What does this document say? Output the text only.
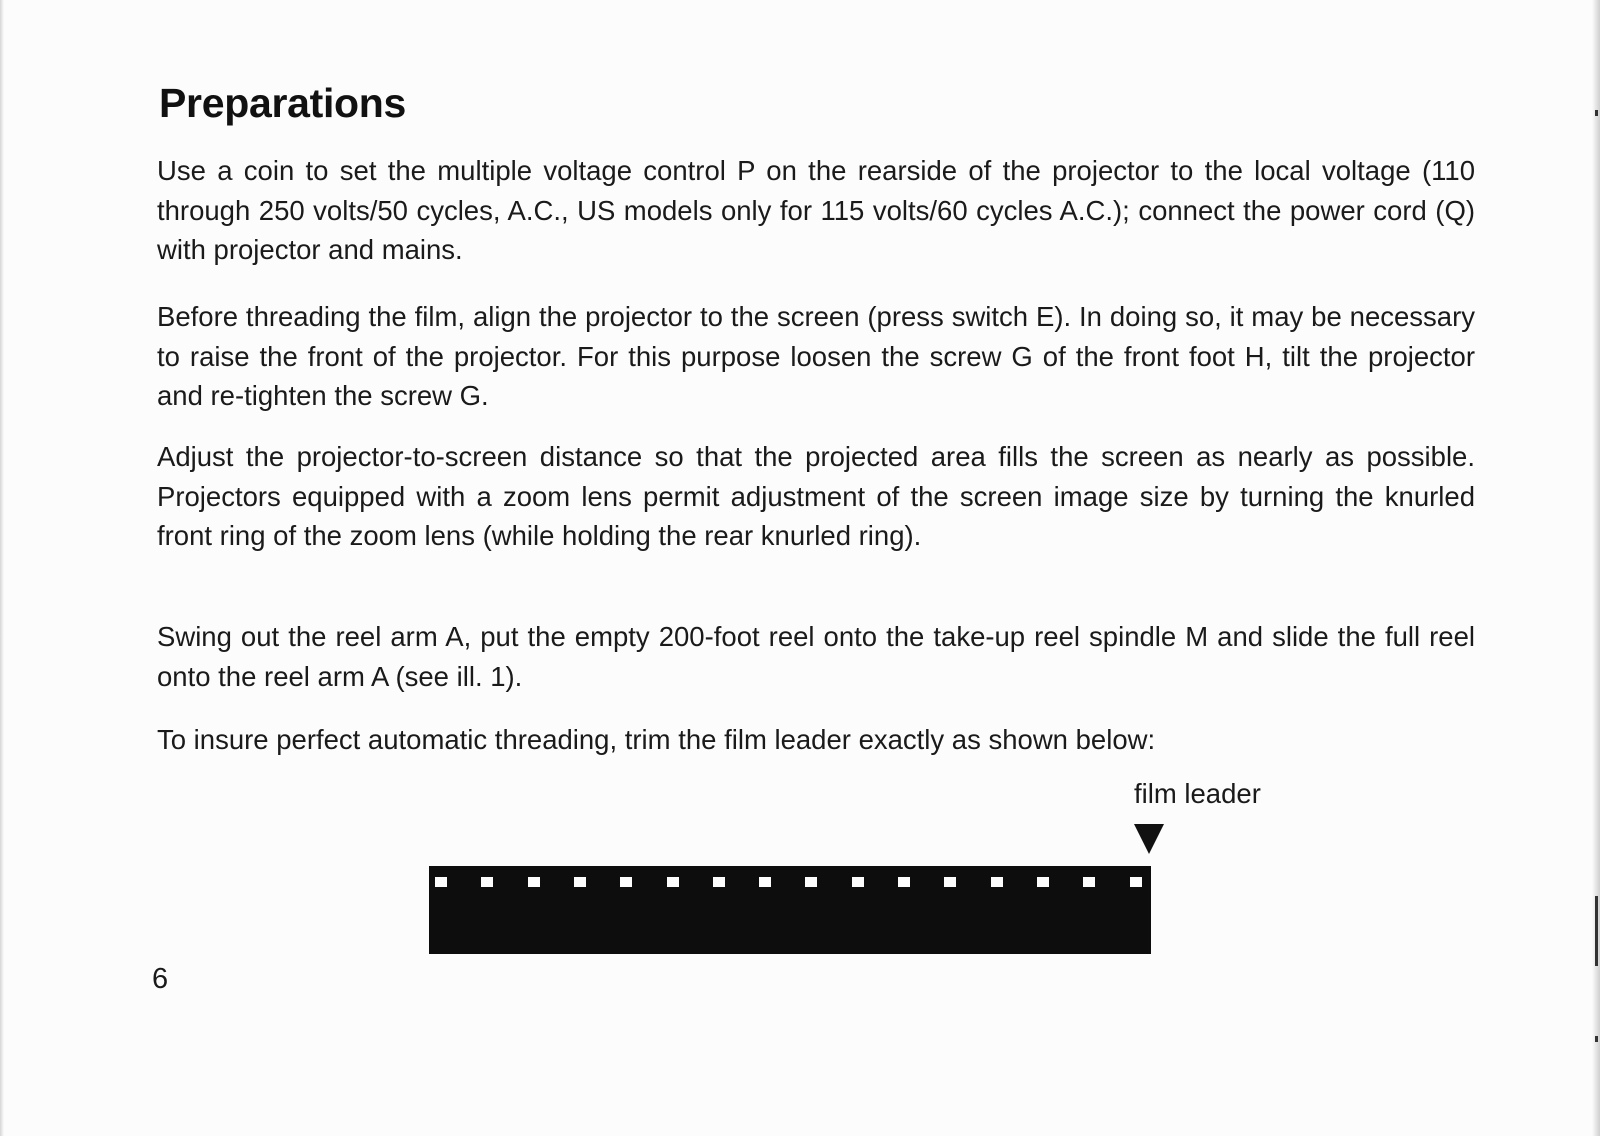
Preparations

Use a coin to set the multiple voltage control P on the rearside of the projector to the local voltage (110 through 250 volts/50 cycles, A.C., US models only for 115 volts/60 cycles A.C.); connect the power cord (Q) with projector and mains.

Before threading the film, align the projector to the screen (press switch E). In doing so, it may be necessary to raise the front of the projector. For this purpose loosen the screw G of the front foot H, tilt the projector and re-tighten the screw G.

Adjust the projector-to-screen distance so that the projected area fills the screen as nearly as possible. Projectors equipped with a zoom lens permit adjustment of the screen image size by turning the knurled front ring of the zoom lens (while holding the rear knurled ring).

Swing out the reel arm A, put the empty 200-foot reel onto the take-up reel spindle M and slide the full reel onto the reel arm A (see ill. 1).

To insure perfect automatic threading, trim the film leader exactly as shown below:

film leader

6
